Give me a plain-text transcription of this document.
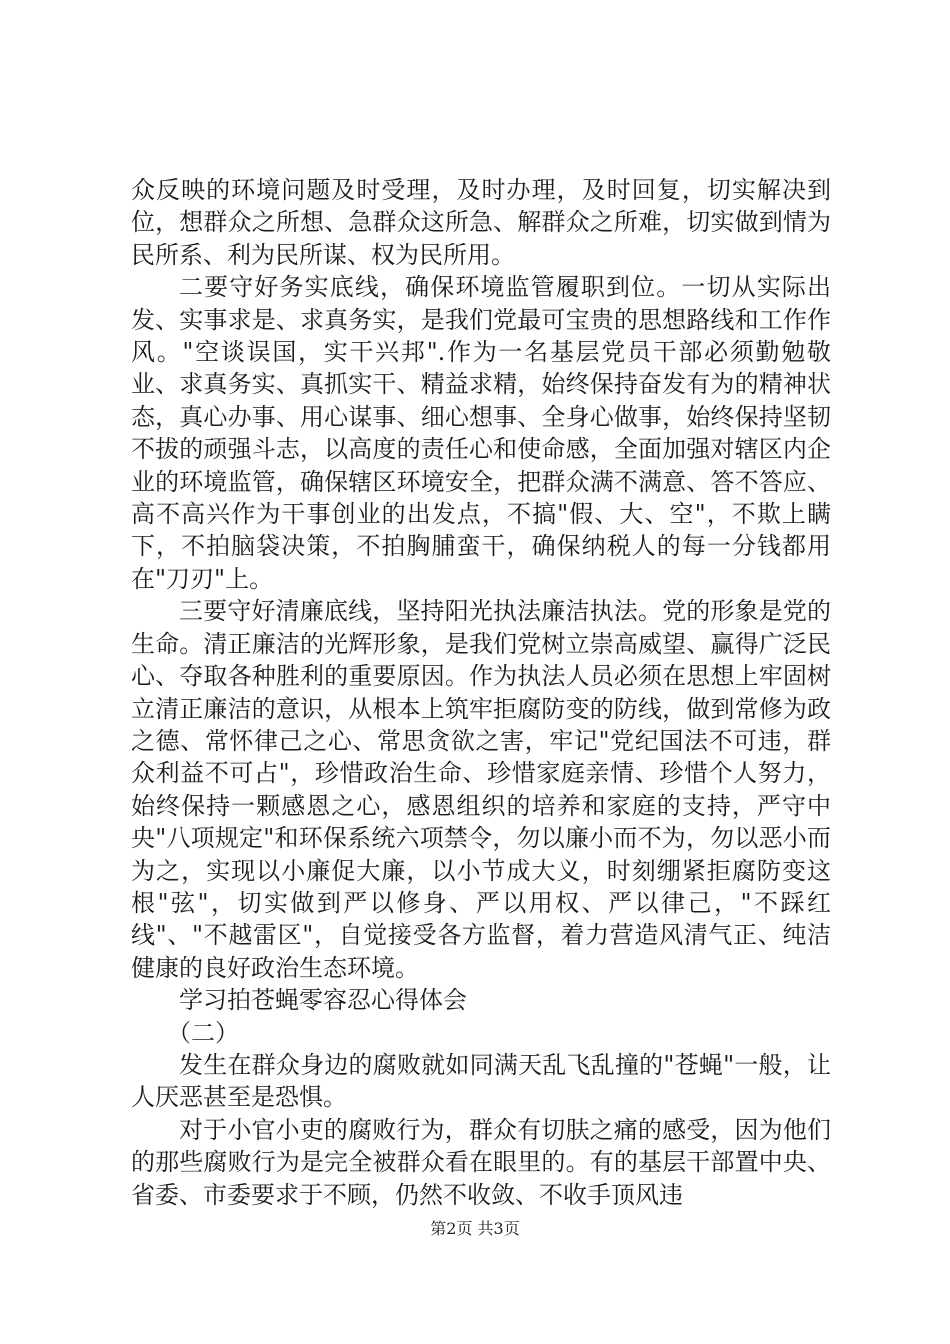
众反映的环境问题及时受理，及时办理，及时回复，切实解决到位，想群众之所想、急群众这所急、解群众之所难，切实做到情为民所系、利为民所谋、权为民所用。

二要守好务实底线，确保环境监管履职到位。一切从实际出发、实事求是、求真务实，是我们党最可宝贵的思想路线和工作作风。"空谈误国，实干兴邦".作为一名基层党员干部必须勤勉敬业、求真务实、真抓实干、精益求精，始终保持奋发有为的精神状态，真心办事、用心谋事、细心想事、全身心做事，始终保持坚韧不拔的顽强斗志，以高度的责任心和使命感，全面加强对辖区内企业的环境监管，确保辖区环境安全，把群众满不满意、答不答应、高不高兴作为干事创业的出发点，不搞"假、大、空"，不欺上瞒下，不拍脑袋决策，不拍胸脯蛮干，确保纳税人的每一分钱都用在"刀刃"上。

三要守好清廉底线，坚持阳光执法廉洁执法。党的形象是党的生命。清正廉洁的光辉形象，是我们党树立崇高威望、赢得广泛民心、夺取各种胜利的重要原因。作为执法人员必须在思想上牢固树立清正廉洁的意识，从根本上筑牢拒腐防变的防线，做到常修为政之德、常怀律己之心、常思贪欲之害，牢记"党纪国法不可违，群众利益不可占"，珍惜政治生命、珍惜家庭亲情、珍惜个人努力，始终保持一颗感恩之心，感恩组织的培养和家庭的支持，严守中央"八项规定"和环保系统六项禁令，勿以廉小而不为，勿以恶小而为之，实现以小廉促大廉，以小节成大义，时刻绷紧拒腐防变这根"弦"，切实做到严以修身、严以用权、严以律己，"不踩红线"、"不越雷区"，自觉接受各方监督，着力营造风清气正、纯洁健康的良好政治生态环境。

学习拍苍蝇零容忍心得体会

（二）

发生在群众身边的腐败就如同满天乱飞乱撞的"苍蝇"一般，让人厌恶甚至是恐惧。

对于小官小吏的腐败行为，群众有切肤之痛的感受，因为他们的那些腐败行为是完全被群众看在眼里的。有的基层干部置中央、省委、市委要求于不顾，仍然不收敛、不收手顶风违

第2页 共3页
